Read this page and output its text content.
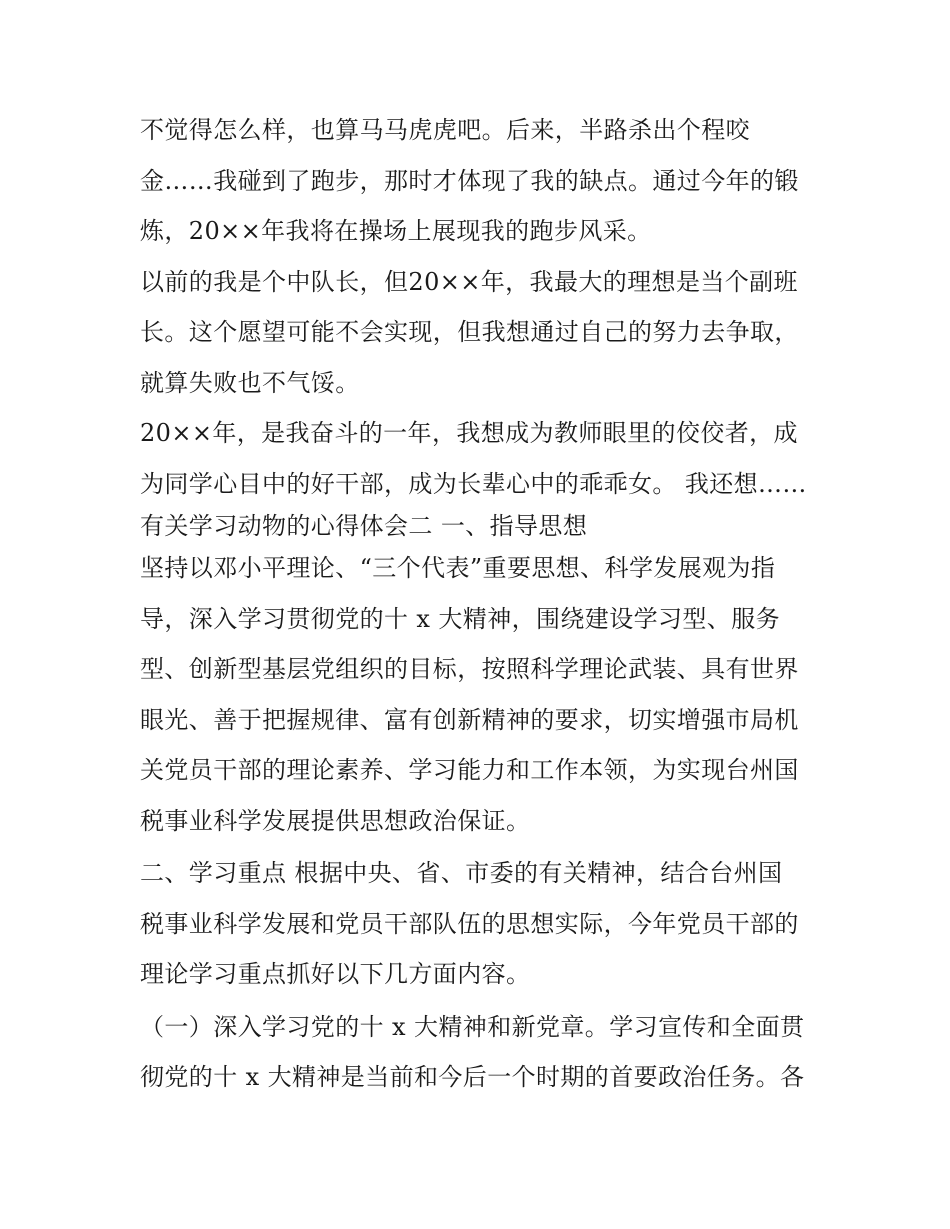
不觉得怎么样，也算马马虎虎吧。后来，半路杀出个程咬
金……我碰到了跑步，那时才体现了我的缺点。通过今年的锻
炼，20××年我将在操场上展现我的跑步风采。
以前的我是个中队长，但20××年，我最大的理想是当个副班
长。这个愿望可能不会实现，但我想通过自己的努力去争取，
就算失败也不气馁。
20××年，是我奋斗的一年，我想成为教师眼里的佼佼者，成
为同学心目中的好干部，成为长辈心中的乖乖女。 我还想……
有关学习动物的心得体会二 一、指导思想
坚持以邓小平理论、“三个代表”重要思想、科学发展观为指
导，深入学习贯彻党的十 x 大精神，围绕建设学习型、服务
型、创新型基层党组织的目标，按照科学理论武装、具有世界
眼光、善于把握规律、富有创新精神的要求，切实增强市局机
关党员干部的理论素养、学习能力和工作本领，为实现台州国
税事业科学发展提供思想政治保证。
二、学习重点 根据中央、省、市委的有关精神，结合台州国
税事业科学发展和党员干部队伍的思想实际，今年党员干部的
理论学习重点抓好以下几方面内容。
（一）深入学习党的十 x 大精神和新党章。学习宣传和全面贯
彻党的十 x 大精神是当前和今后一个时期的首要政治任务。各
